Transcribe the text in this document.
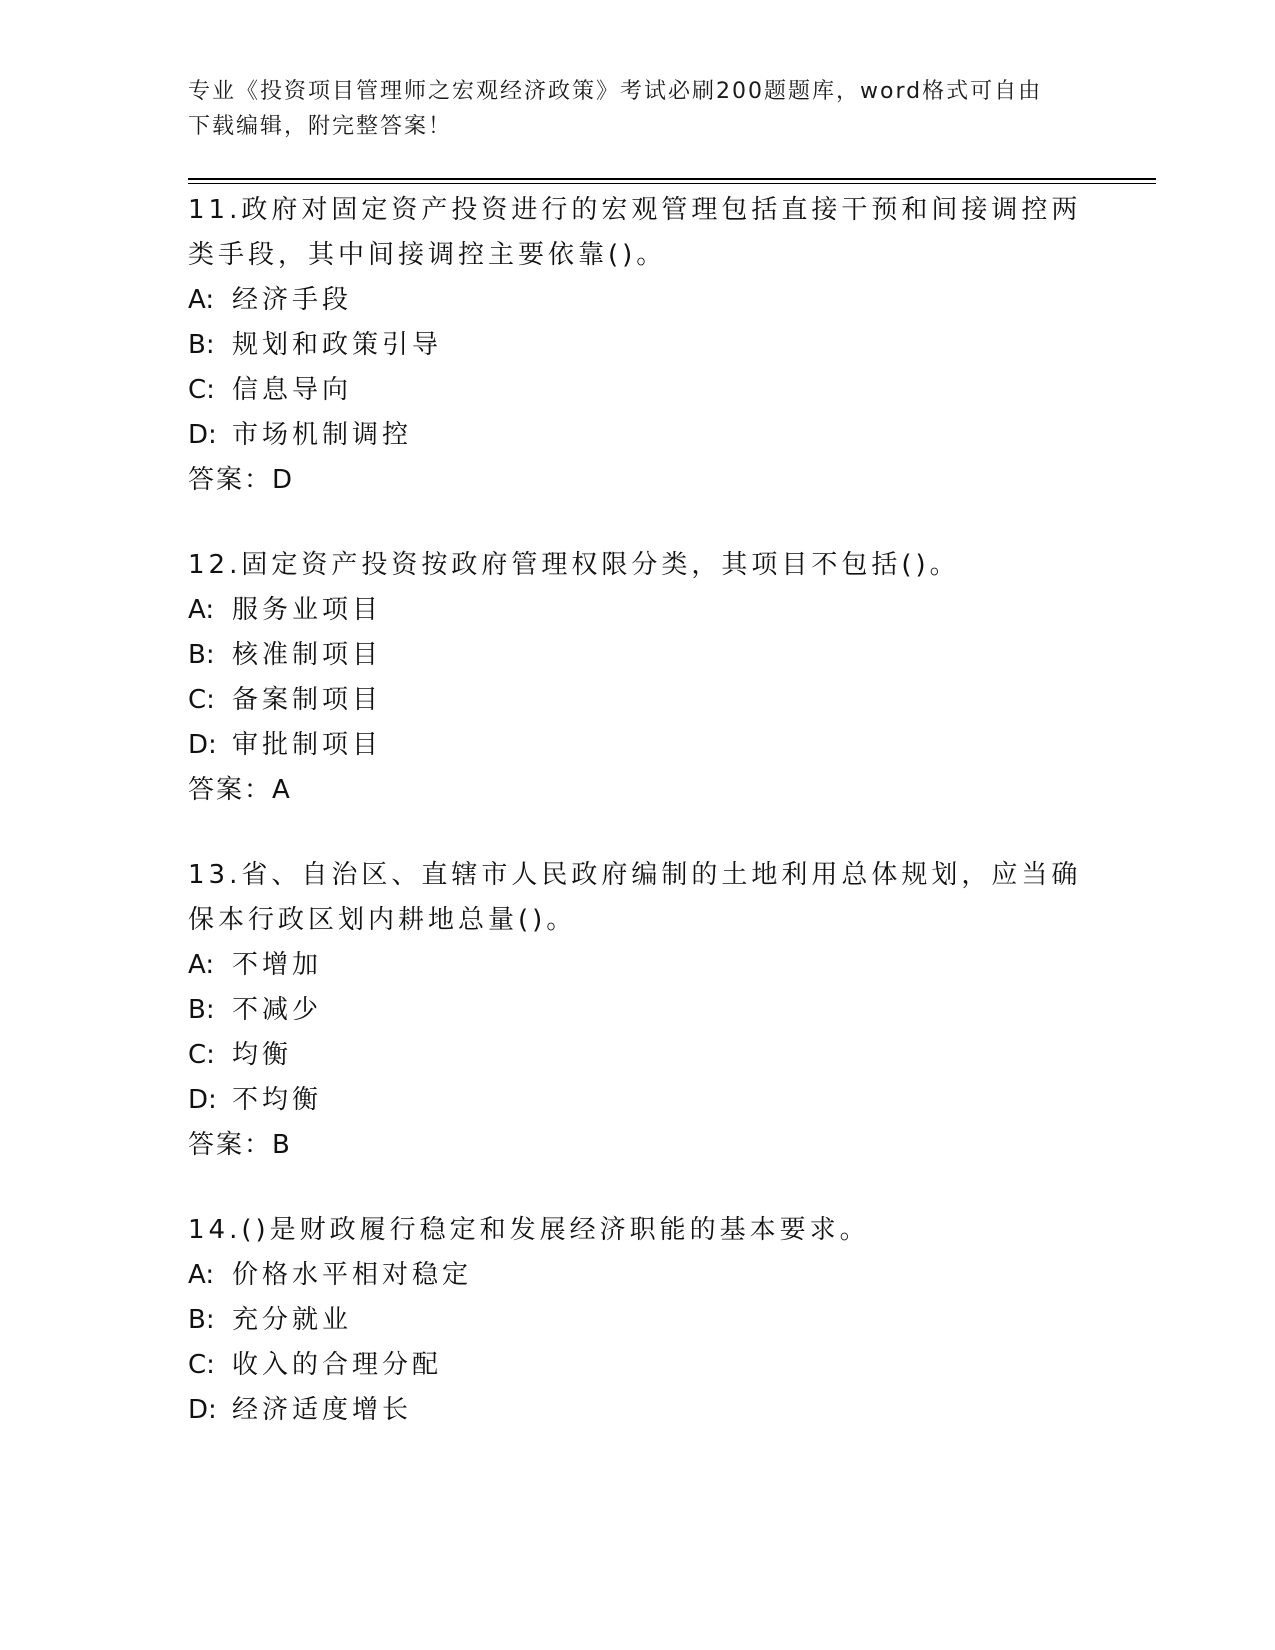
专业《投资项目管理师之宏观经济政策》考试必刷200题题库，word格式可自由
下载编辑，附完整答案！

11.政府对固定资产投资进行的宏观管理包括直接干预和间接调控两类手段，其中间接调控主要依靠()。

A: 经济手段
B: 规划和政策引导
C: 信息导向
D: 市场机制调控

答案：D

12.固定资产投资按政府管理权限分类，其项目不包括()。

A: 服务业项目
B: 核准制项目
C: 备案制项目
D: 审批制项目

答案：A

13.省、自治区、直辖市人民政府编制的土地利用总体规划，应当确保本行政区划内耕地总量()。

A: 不增加
B: 不减少
C: 均衡
D: 不均衡

答案：B

14.()是财政履行稳定和发展经济职能的基本要求。

A: 价格水平相对稳定
B: 充分就业
C: 收入的合理分配
D: 经济适度增长
